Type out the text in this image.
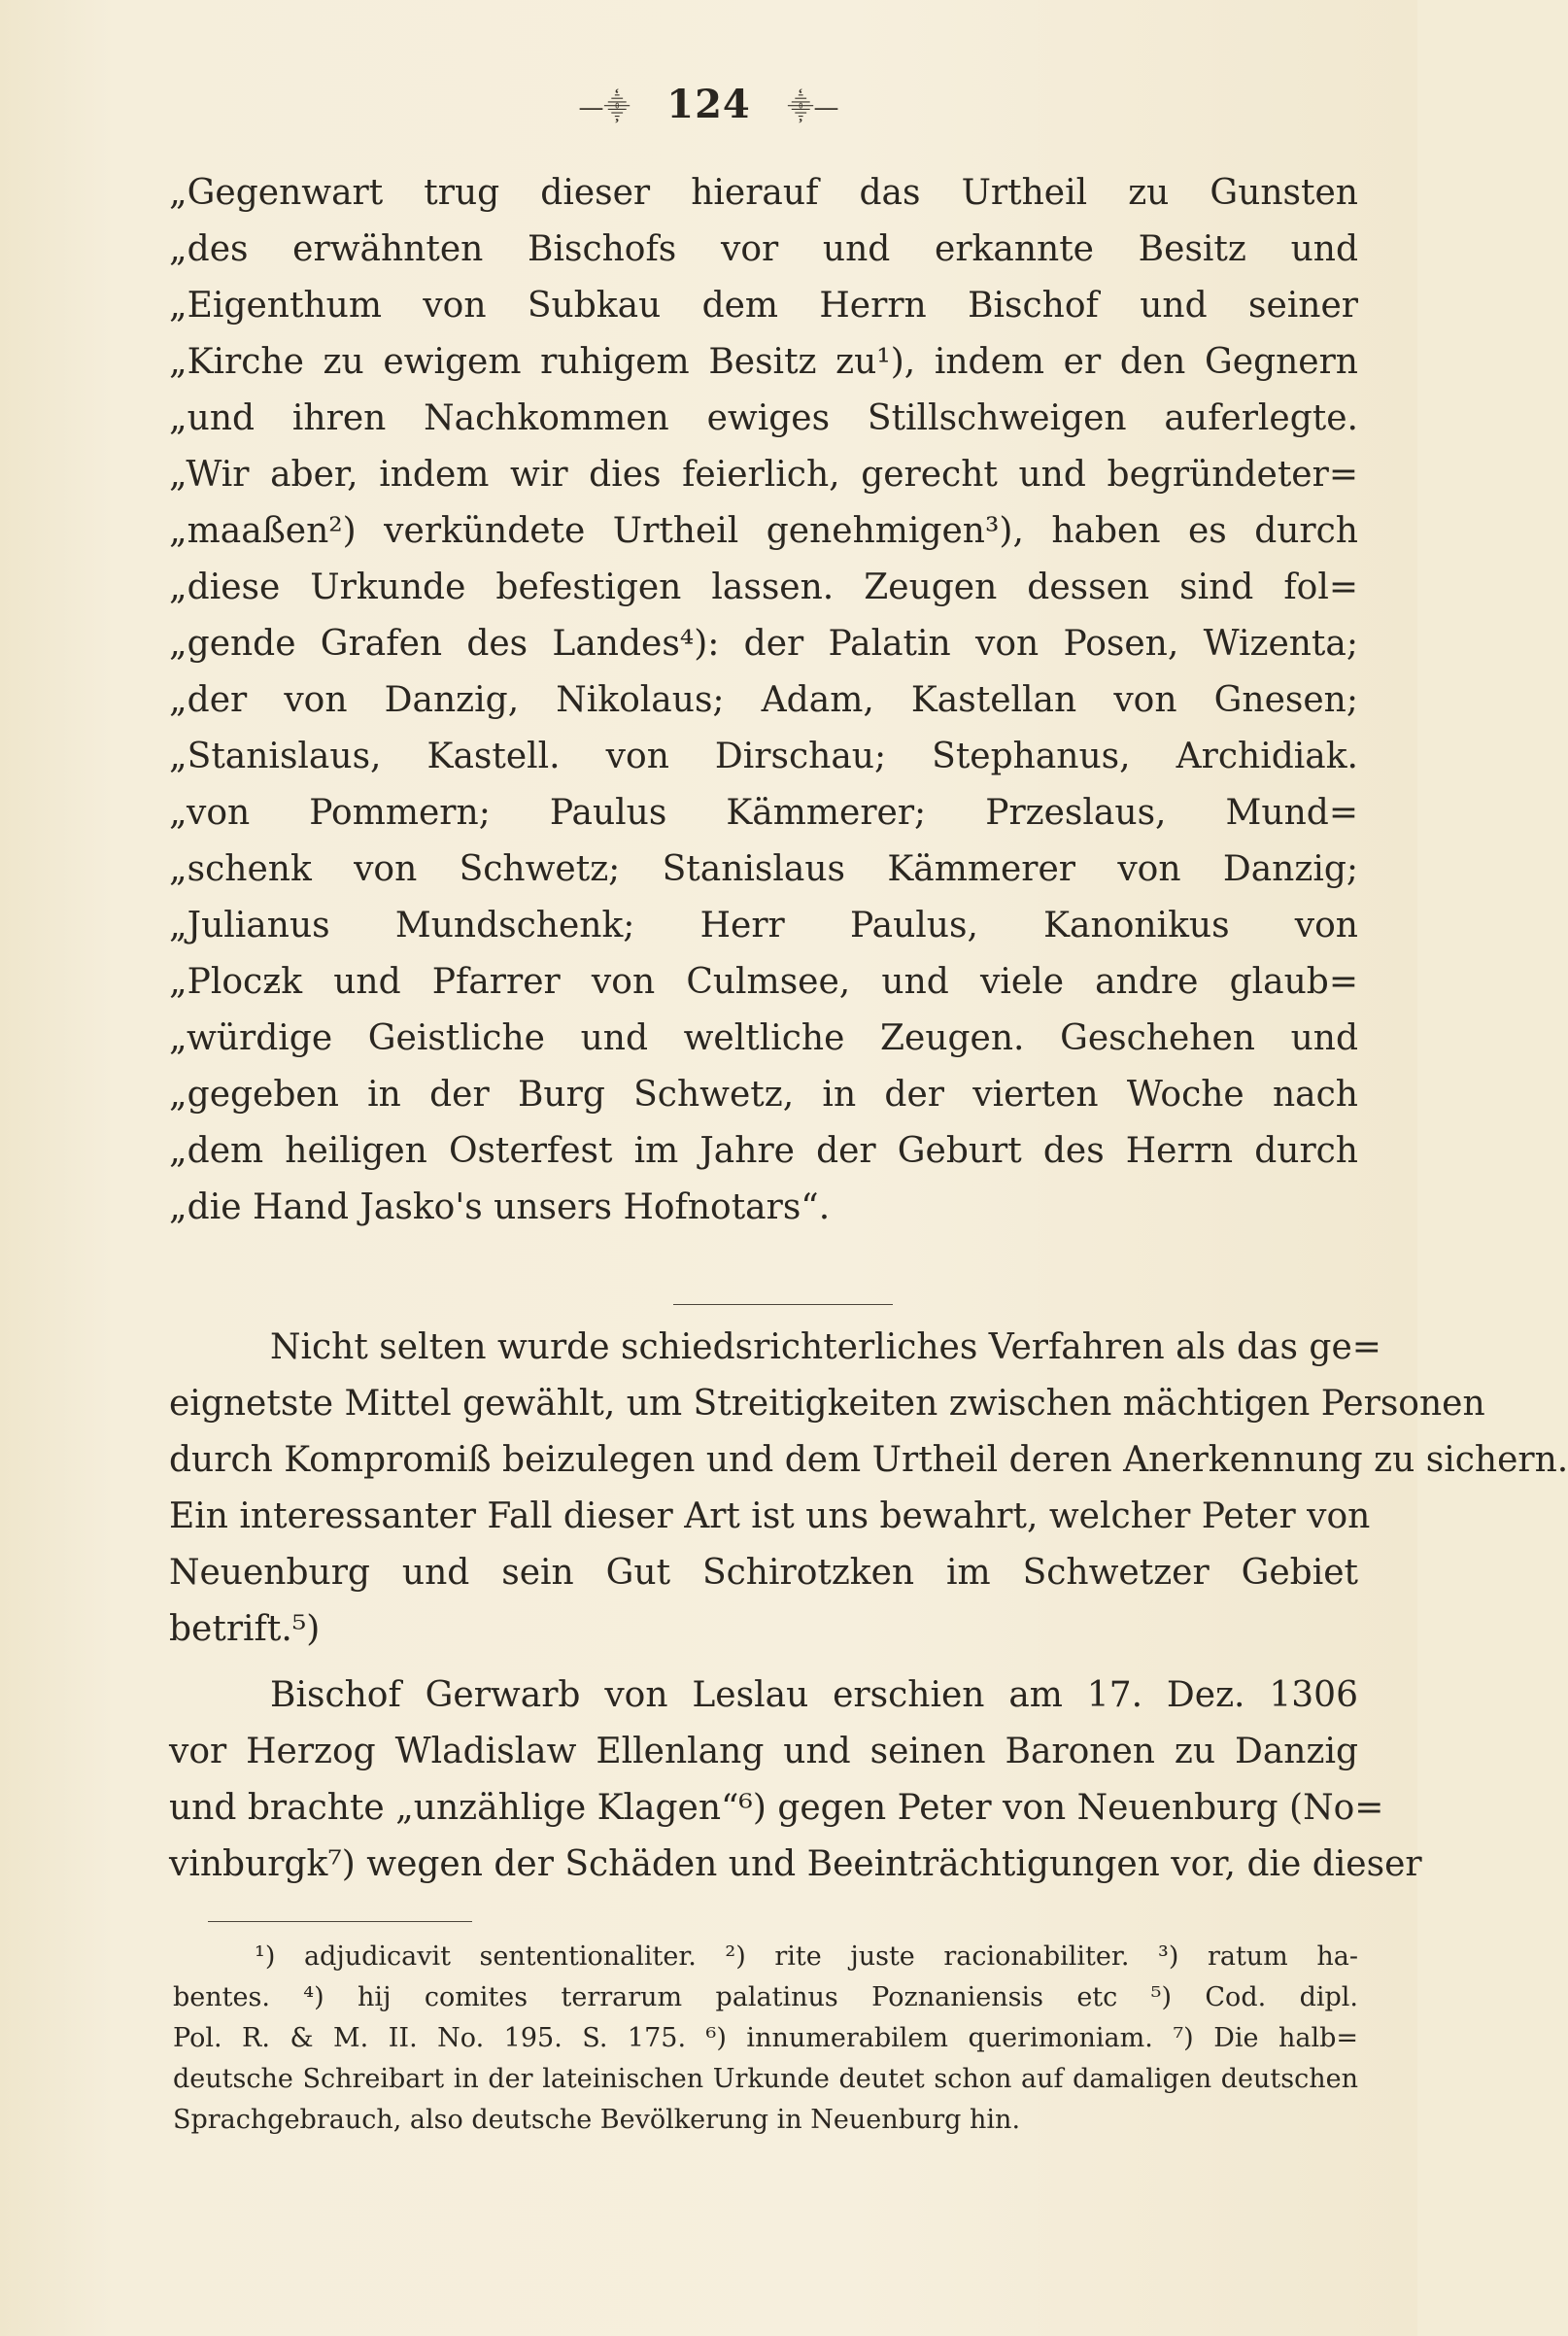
—⸎ 124 ⸎—
„Gegenwart trug dieser hierauf das Urtheil zu Gunsten
„des erwähnten Bischofs vor und erkannte Besitz und
„Eigenthum von Subkau dem Herrn Bischof und seiner
„Kirche zu ewigem ruhigem Besitz zu¹), indem er den Gegnern
„und ihren Nachkommen ewiges Stillschweigen auferlegte.
„Wir aber, indem wir dies feierlich, gerecht und begründeter=
„maaßen²) verkündete Urtheil genehmigen³), haben es durch
„diese Urkunde befestigen lassen. Zeugen dessen sind fol=
„gende Grafen des Landes⁴): der Palatin von Posen, Wizenta;
„der von Danzig, Nikolaus; Adam, Kastellan von Gnesen;
„Stanislaus, Kastell. von Dirschau; Stephanus, Archidiak.
„von Pommern; Paulus Kämmerer; Przeslaus, Mund=
„schenk von Schwetz; Stanislaus Kämmerer von Danzig;
„Julianus Mundschenk; Herr Paulus, Kanonikus von
„Plocƶk und Pfarrer von Culmsee, und viele andre glaub=
„würdige Geistliche und weltliche Zeugen. Geschehen und
„gegeben in der Burg Schwetz, in der vierten Woche nach
„dem heiligen Osterfest im Jahre der Geburt des Herrn durch
„die Hand Jasko's unsers Hofnotars“.
Nicht selten wurde schiedsrichterliches Verfahren als das ge=
eignetste Mittel gewählt, um Streitigkeiten zwischen mächtigen Personen
durch Kompromiß beizulegen und dem Urtheil deren Anerkennung zu sichern.
Ein interessanter Fall dieser Art ist uns bewahrt, welcher Peter von
Neuenburg und sein Gut Schirotzken im Schwetzer Gebiet
betrift.⁵)
Bischof Gerwarb von Leslau erschien am 17. Dez. 1306
vor Herzog Wladislaw Ellenlang und seinen Baronen zu Danzig
und brachte „unzählige Klagen“⁶) gegen Peter von Neuenburg (No=
vinburgk⁷) wegen der Schäden und Beeinträchtigungen vor, die dieser
¹) adjudicavit sententionaliter. ²) rite juste racionabiliter. ³) ratum ha-
bentes. ⁴) hij comites terrarum palatinus Poznaniensis etc ⁵) Cod. dipl.
Pol. R. & M. II. No. 195. S. 175. ⁶) innumerabilem querimoniam. ⁷) Die halb=
deutsche Schreibart in der lateinischen Urkunde deutet schon auf damaligen deutschen
Sprachgebrauch, also deutsche Bevölkerung in Neuenburg hin.
